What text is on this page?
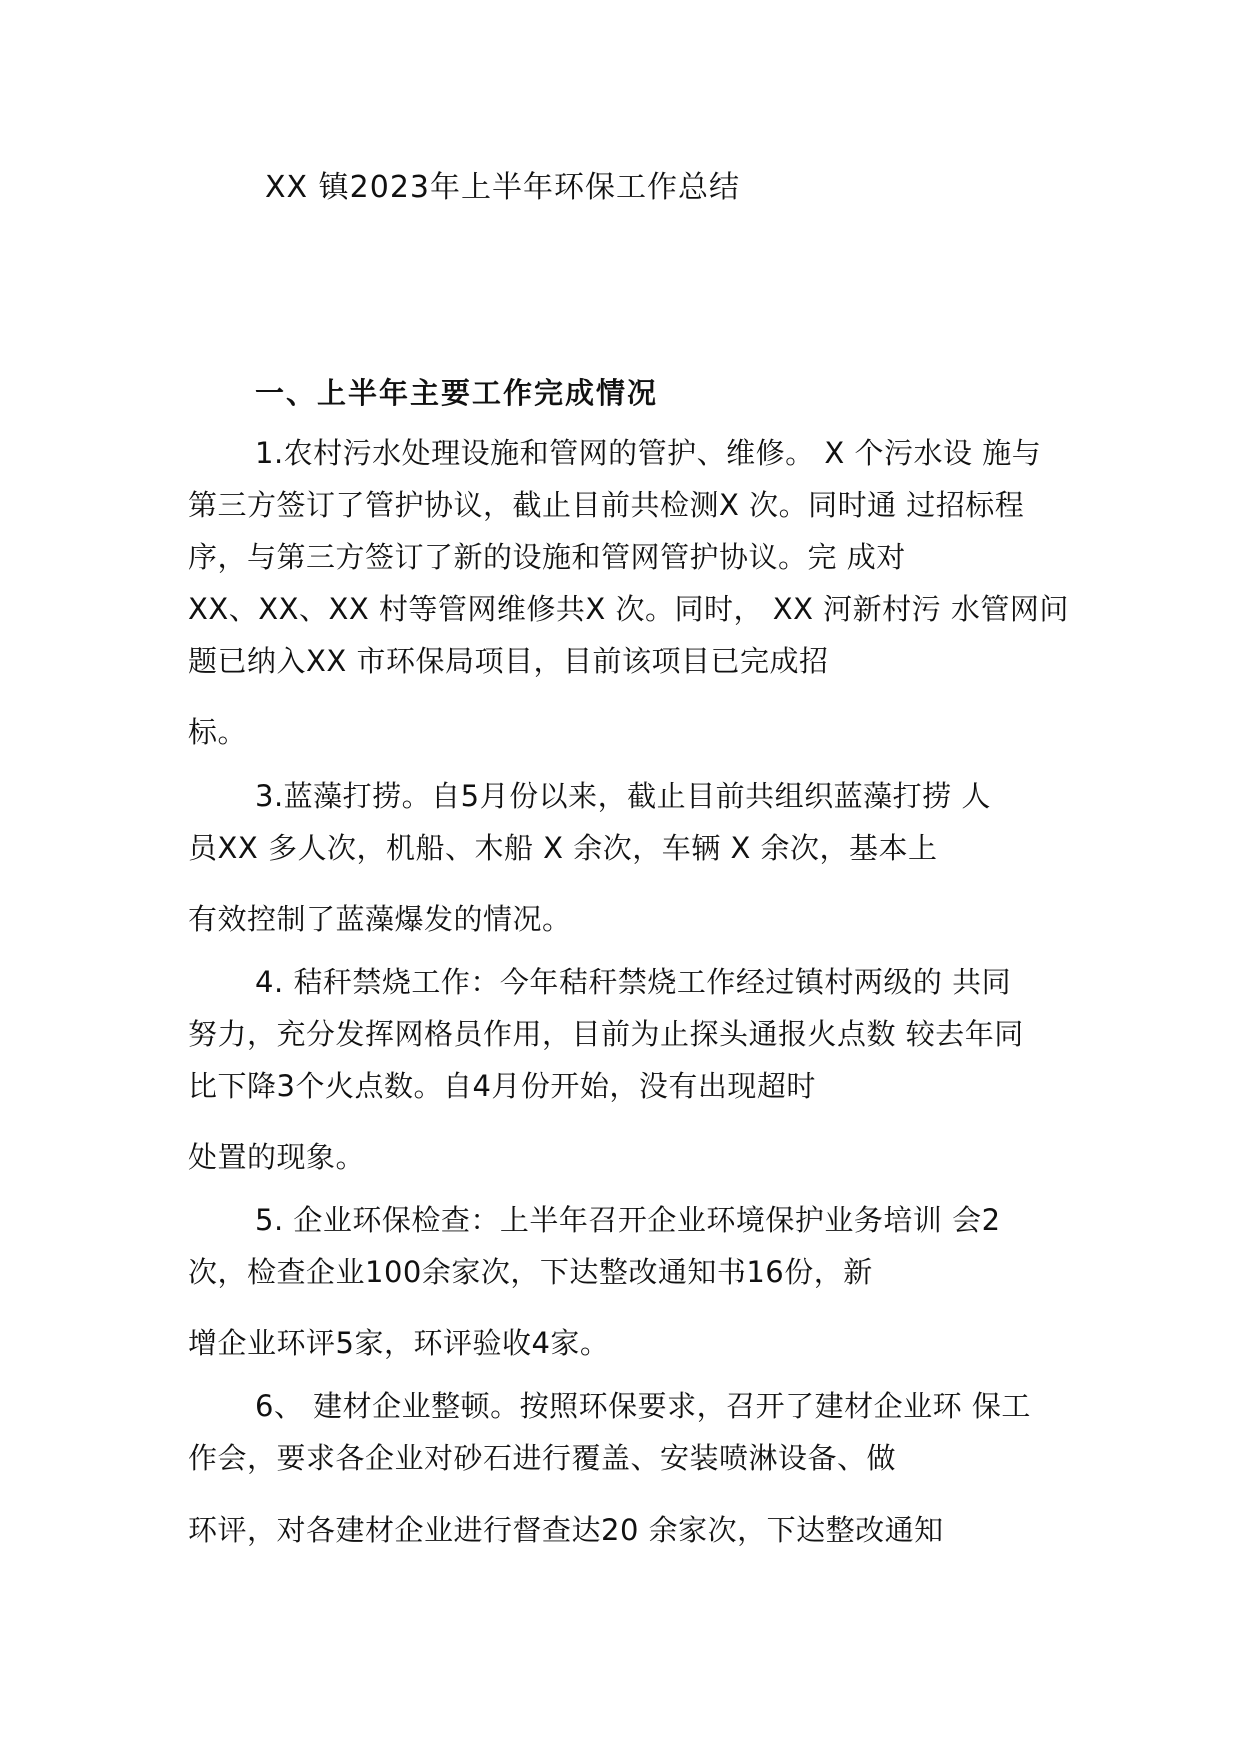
XX 镇2023年上半年环保工作总结
一、上半年主要工作完成情况
1.农村污水处理设施和管网的管护、维修。 X 个污水设 施与
第三方签订了管护协议，截止目前共检测X 次。同时通 过招标程
序，与第三方签订了新的设施和管网管护协议。完 成对
XX、XX、XX 村等管网维修共X 次。同时， XX 河新村污 水管网问
题已纳入XX 市环保局项目，目前该项目已完成招
标。
3.蓝藻打捞。自5月份以来，截止目前共组织蓝藻打捞 人
员XX 多人次，机船、木船 X 余次，车辆 X 余次，基本上
有效控制了蓝藻爆发的情况。
4. 秸秆禁烧工作：今年秸秆禁烧工作经过镇村两级的 共同
努力，充分发挥网格员作用，目前为止探头通报火点数 较去年同
比下降3个火点数。自4月份开始，没有出现超时
处置的现象。
5. 企业环保检查：上半年召开企业环境保护业务培训 会2
次，检查企业100余家次，下达整改通知书16份，新
增企业环评5家，环评验收4家。
6、 建材企业整顿。按照环保要求，召开了建材企业环 保工
作会，要求各企业对砂石进行覆盖、安装喷淋设备、做
环评，对各建材企业进行督查达20 余家次，下达整改通知
